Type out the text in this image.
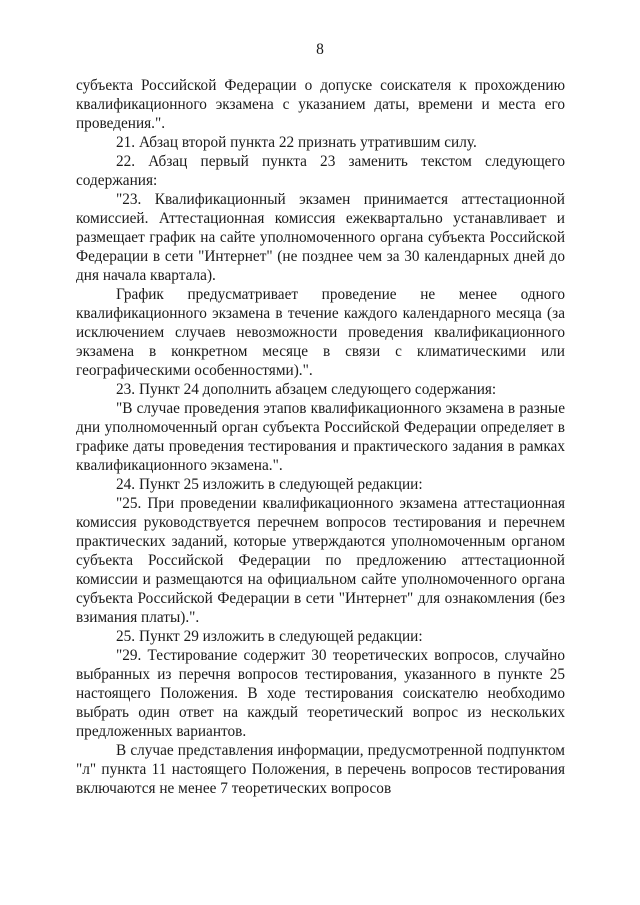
8

субъекта Российской Федерации о допуске соискателя к прохождению квалификационного экзамена с указанием даты, времени и места его проведения.".

21. Абзац второй пункта 22 признать утратившим силу.

22. Абзац первый пункта 23 заменить текстом следующего содержания:

"23. Квалификационный экзамен принимается аттестационной комиссией. Аттестационная комиссия ежеквартально устанавливает и размещает график на сайте уполномоченного органа субъекта Российской Федерации в сети "Интернет" (не позднее чем за 30 календарных дней до дня начала квартала).

График предусматривает проведение не менее одного квалификационного экзамена в течение каждого календарного месяца (за исключением случаев невозможности проведения квалификационного экзамена в конкретном месяце в связи с климатическими или географическими особенностями).".

23. Пункт 24 дополнить абзацем следующего содержания:

"В случае проведения этапов квалификационного экзамена в разные дни уполномоченный орган субъекта Российской Федерации определяет в графике даты проведения тестирования и практического задания в рамках квалификационного экзамена.".

24. Пункт 25 изложить в следующей редакции:

"25. При проведении квалификационного экзамена аттестационная комиссия руководствуется перечнем вопросов тестирования и перечнем практических заданий, которые утверждаются уполномоченным органом субъекта Российской Федерации по предложению аттестационной комиссии и размещаются на официальном сайте уполномоченного органа субъекта Российской Федерации в сети "Интернет" для ознакомления (без взимания платы).".

25. Пункт 29 изложить в следующей редакции:

"29. Тестирование содержит 30 теоретических вопросов, случайно выбранных из перечня вопросов тестирования, указанного в пункте 25 настоящего Положения. В ходе тестирования соискателю необходимо выбрать один ответ на каждый теоретический вопрос из нескольких предложенных вариантов.

В случае представления информации, предусмотренной подпунктом "л" пункта 11 настоящего Положения, в перечень вопросов тестирования включаются не менее 7 теоретических вопросов
